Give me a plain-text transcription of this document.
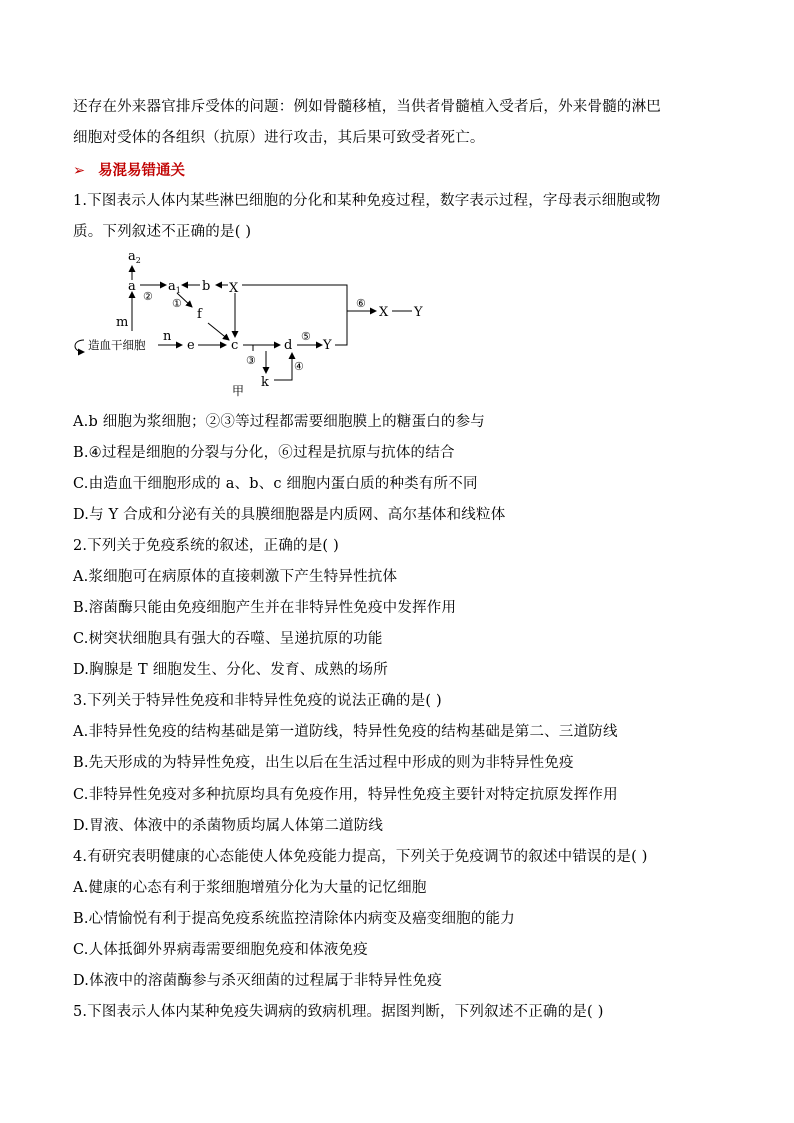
还存在外来器官排斥受体的问题：例如骨髓移植，当供者骨髓植入受者后，外来骨髓的淋巴
细胞对受体的各组织（抗原）进行攻击，其后果可致受者死亡。
➢ 易混易错通关
1.下图表示人体内某些淋巴细胞的分化和某种免疫过程，数字表示过程，字母表示细胞或物
质。下列叙述不正确的是( )
$a_2$
a $a_1$ b X
f
m
n
造血干细胞	e	c	d Y
k
X Y
甲
①
②
③	④
⑤
⑥
A.b 细胞为浆细胞；②③等过程都需要细胞膜上的糖蛋白的参与
B.④过程是细胞的分裂与分化，⑥过程是抗原与抗体的结合
C.由造血干细胞形成的 a、b、c 细胞内蛋白质的种类有所不同
D.与 Y 合成和分泌有关的具膜细胞器是内质网、高尔基体和线粒体
2.下列关于免疫系统的叙述，正确的是( )
A.浆细胞可在病原体的直接刺激下产生特异性抗体
B.溶菌酶只能由免疫细胞产生并在非特异性免疫中发挥作用
C.树突状细胞具有强大的吞噬、呈递抗原的功能
D.胸腺是 T 细胞发生、分化、发育、成熟的场所
3.下列关于特异性免疫和非特异性免疫的说法正确的是( )
A.非特异性免疫的结构基础是第一道防线，特异性免疫的结构基础是第二、三道防线
B.先天形成的为特异性免疫，出生以后在生活过程中形成的则为非特异性免疫
C.非特异性免疫对多种抗原均具有免疫作用，特异性免疫主要针对特定抗原发挥作用
D.胃液、体液中的杀菌物质均属人体第二道防线
4.有研究表明健康的心态能使人体免疫能力提高，下列关于免疫调节的叙述中错误的是( )
A.健康的心态有利于浆细胞增殖分化为大量的记忆细胞
B.心情愉悦有利于提高免疫系统监控清除体内病变及癌变细胞的能力
C.人体抵御外界病毒需要细胞免疫和体液免疫
D.体液中的溶菌酶参与杀灭细菌的过程属于非特异性免疫
5.下图表示人体内某种免疫失调病的致病机理。据图判断，下列叙述不正确的是( )
